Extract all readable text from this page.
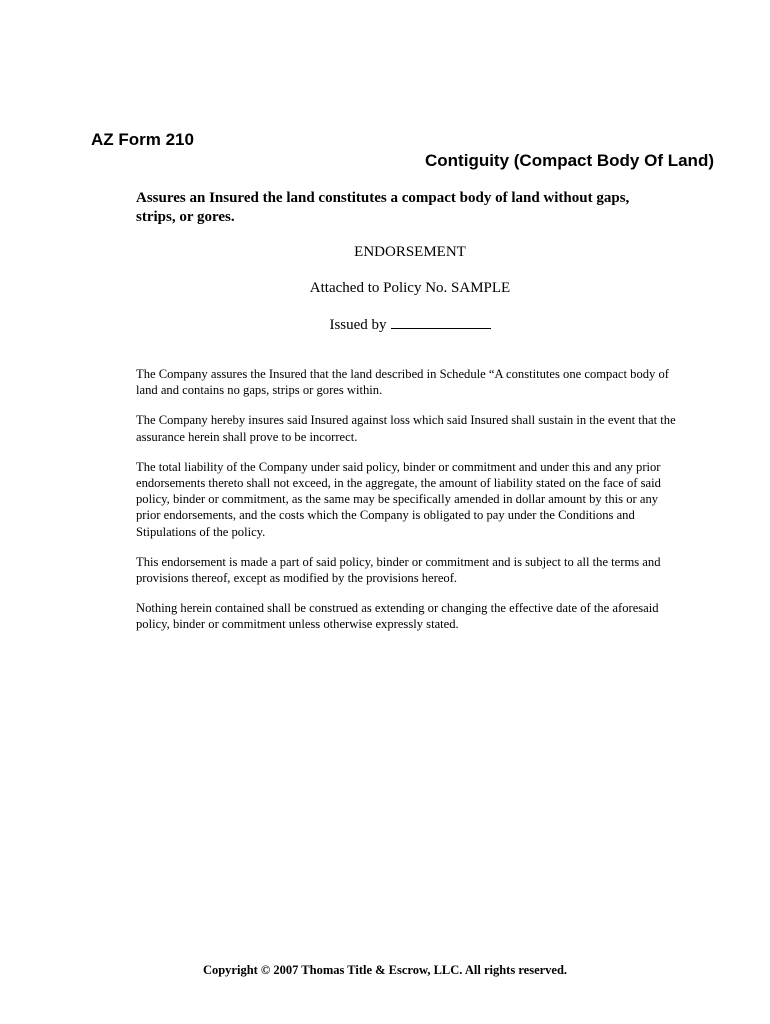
AZ Form 210
Contiguity (Compact Body Of Land)

Assures an Insured the land constitutes a compact body of land without gaps, strips, or gores.

ENDORSEMENT

Attached to Policy No. SAMPLE

Issued by

The Company assures the Insured that the land described in Schedule “A constitutes one compact body of land and contains no gaps, strips or gores within.

The Company hereby insures said Insured against loss which said Insured shall sustain in the event that the assurance herein shall prove to be incorrect.

The total liability of the Company under said policy, binder or commitment and under this and any prior endorsements thereto shall not exceed, in the aggregate, the amount of liability stated on the face of said policy, binder or commitment, as the same may be specifically amended in dollar amount by this or any prior endorsements, and the costs which the Company is obligated to pay under the Conditions and Stipulations of the policy.

This endorsement is made a part of said policy, binder or commitment and is subject to all the terms and provisions thereof, except as modified by the provisions hereof.

Nothing herein contained shall be construed as extending or changing the effective date of the aforesaid policy, binder or commitment unless otherwise expressly stated.

Copyright © 2007 Thomas Title & Escrow, LLC. All rights reserved.
